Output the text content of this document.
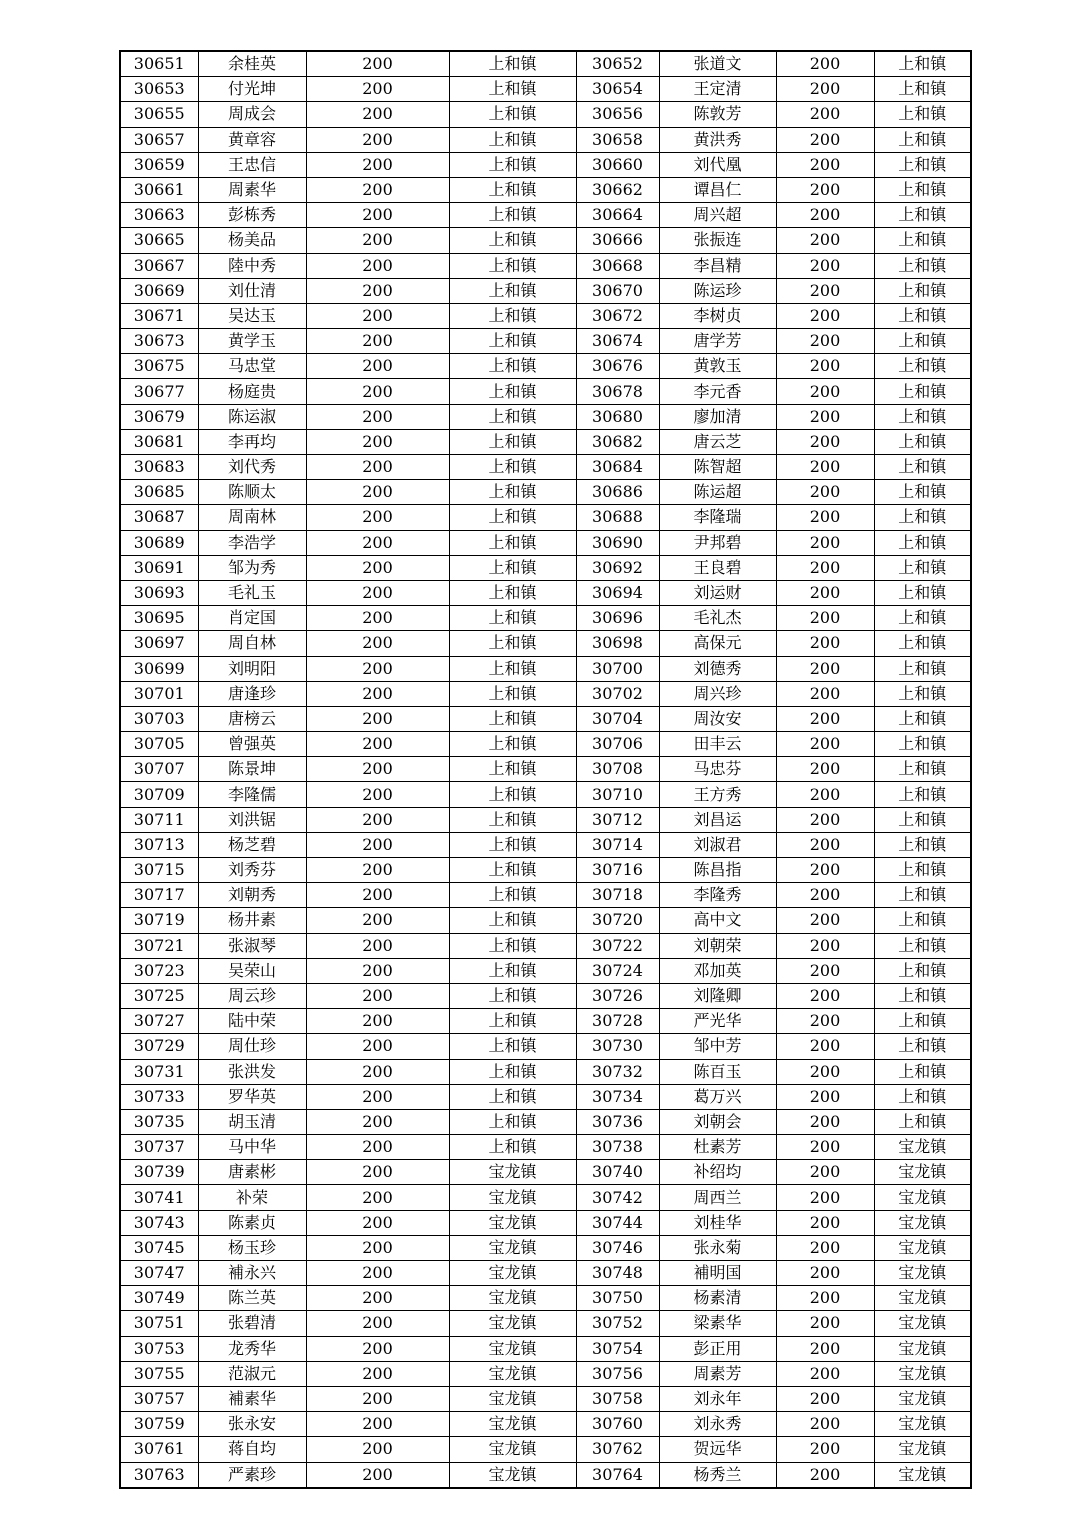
30651	余桂英	200	上和镇	30652	张道文	200	上和镇
30653	付光坤	200	上和镇	30654	王定清	200	上和镇
30655	周成会	200	上和镇	30656	陈敦芳	200	上和镇
30657	黄章容	200	上和镇	30658	黄洪秀	200	上和镇
30659	王忠信	200	上和镇	30660	刘代凰	200	上和镇
30661	周素华	200	上和镇	30662	谭昌仁	200	上和镇
30663	彭栋秀	200	上和镇	30664	周兴超	200	上和镇
30665	杨美品	200	上和镇	30666	张振连	200	上和镇
30667	陸中秀	200	上和镇	30668	李昌精	200	上和镇
30669	刘仕清	200	上和镇	30670	陈运珍	200	上和镇
30671	吴达玉	200	上和镇	30672	李树贞	200	上和镇
30673	黄学玉	200	上和镇	30674	唐学芳	200	上和镇
30675	马忠堂	200	上和镇	30676	黄敦玉	200	上和镇
30677	杨庭贵	200	上和镇	30678	李元香	200	上和镇
30679	陈运淑	200	上和镇	30680	廖加清	200	上和镇
30681	李再均	200	上和镇	30682	唐云芝	200	上和镇
30683	刘代秀	200	上和镇	30684	陈智超	200	上和镇
30685	陈顺太	200	上和镇	30686	陈运超	200	上和镇
30687	周南林	200	上和镇	30688	李隆瑞	200	上和镇
30689	李浩学	200	上和镇	30690	尹邦碧	200	上和镇
30691	邹为秀	200	上和镇	30692	王良碧	200	上和镇
30693	毛礼玉	200	上和镇	30694	刘运财	200	上和镇
30695	肖定国	200	上和镇	30696	毛礼杰	200	上和镇
30697	周自林	200	上和镇	30698	高保元	200	上和镇
30699	刘明阳	200	上和镇	30700	刘德秀	200	上和镇
30701	唐逢珍	200	上和镇	30702	周兴珍	200	上和镇
30703	唐榜云	200	上和镇	30704	周汝安	200	上和镇
30705	曾强英	200	上和镇	30706	田丰云	200	上和镇
30707	陈景坤	200	上和镇	30708	马忠芬	200	上和镇
30709	李隆儒	200	上和镇	30710	王方秀	200	上和镇
30711	刘洪锯	200	上和镇	30712	刘昌运	200	上和镇
30713	杨芝碧	200	上和镇	30714	刘淑君	200	上和镇
30715	刘秀芬	200	上和镇	30716	陈昌指	200	上和镇
30717	刘朝秀	200	上和镇	30718	李隆秀	200	上和镇
30719	杨井素	200	上和镇	30720	高中文	200	上和镇
30721	张淑琴	200	上和镇	30722	刘朝荣	200	上和镇
30723	吴荣山	200	上和镇	30724	邓加英	200	上和镇
30725	周云珍	200	上和镇	30726	刘隆卿	200	上和镇
30727	陆中荣	200	上和镇	30728	严光华	200	上和镇
30729	周仕珍	200	上和镇	30730	邹中芳	200	上和镇
30731	张洪发	200	上和镇	30732	陈百玉	200	上和镇
30733	罗华英	200	上和镇	30734	葛万兴	200	上和镇
30735	胡玉清	200	上和镇	30736	刘朝会	200	上和镇
30737	马中华	200	上和镇	30738	杜素芳	200	宝龙镇
30739	唐素彬	200	宝龙镇	30740	补绍均	200	宝龙镇
30741	补荣	200	宝龙镇	30742	周西兰	200	宝龙镇
30743	陈素贞	200	宝龙镇	30744	刘桂华	200	宝龙镇
30745	杨玉珍	200	宝龙镇	30746	张永菊	200	宝龙镇
30747	補永兴	200	宝龙镇	30748	補明国	200	宝龙镇
30749	陈兰英	200	宝龙镇	30750	杨素清	200	宝龙镇
30751	张碧清	200	宝龙镇	30752	梁素华	200	宝龙镇
30753	龙秀华	200	宝龙镇	30754	彭正用	200	宝龙镇
30755	范淑元	200	宝龙镇	30756	周素芳	200	宝龙镇
30757	補素华	200	宝龙镇	30758	刘永年	200	宝龙镇
30759	张永安	200	宝龙镇	30760	刘永秀	200	宝龙镇
30761	蒋自均	200	宝龙镇	30762	贺远华	200	宝龙镇
30763	严素珍	200	宝龙镇	30764	杨秀兰	200	宝龙镇
